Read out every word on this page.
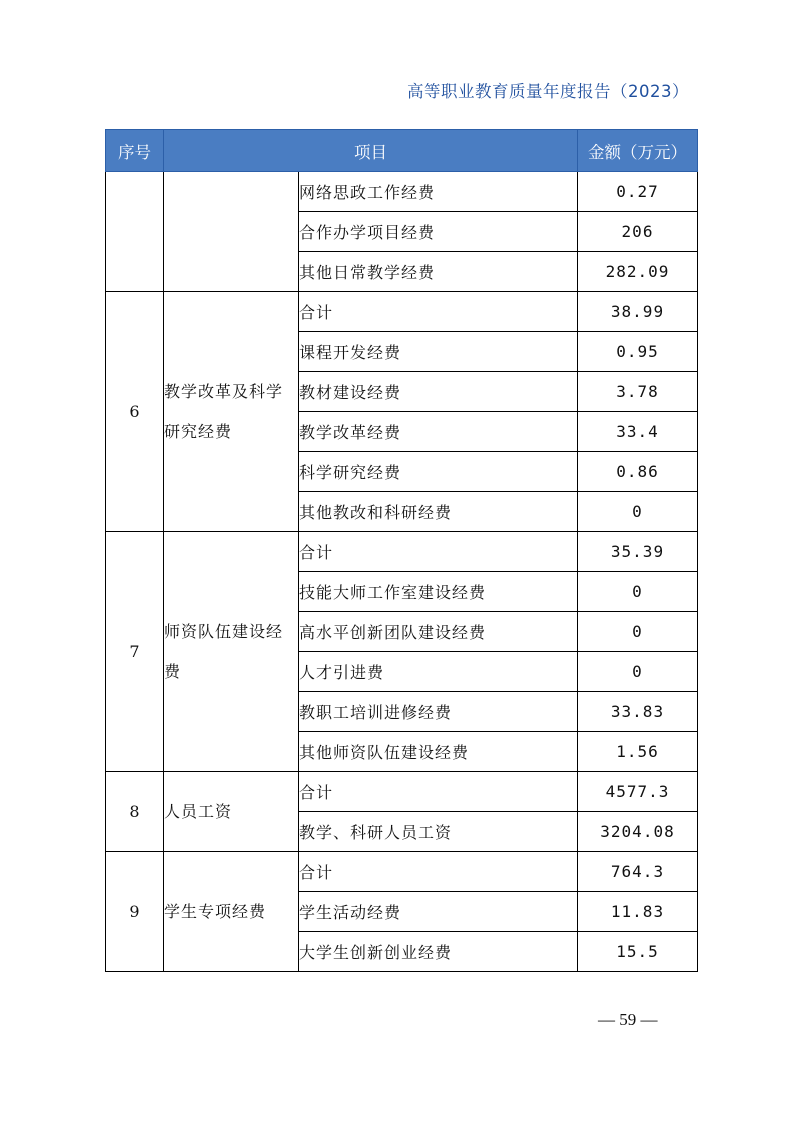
高等职业教育质量年度报告（2023）
序号	项目		金额（万元）
		网络思政工作经费	0.27
		合作办学项目经费	206
		其他日常教学经费	282.09
6	教学改革及科学研究经费	合计	38.99
		课程开发经费	0.95
		教材建设经费	3.78
		教学改革经费	33.4
		科学研究经费	0.86
		其他教改和科研经费	0
7	师资队伍建设经费	合计	35.39
		技能大师工作室建设经费	0
		高水平创新团队建设经费	0
		人才引进费	0
		教职工培训进修经费	33.83
		其他师资队伍建设经费	1.56
8	人员工资	合计	4577.3
		教学、科研人员工资	3204.08
9	学生专项经费	合计	764.3
		学生活动经费	11.83
		大学生创新创业经费	15.5
— 59 —
